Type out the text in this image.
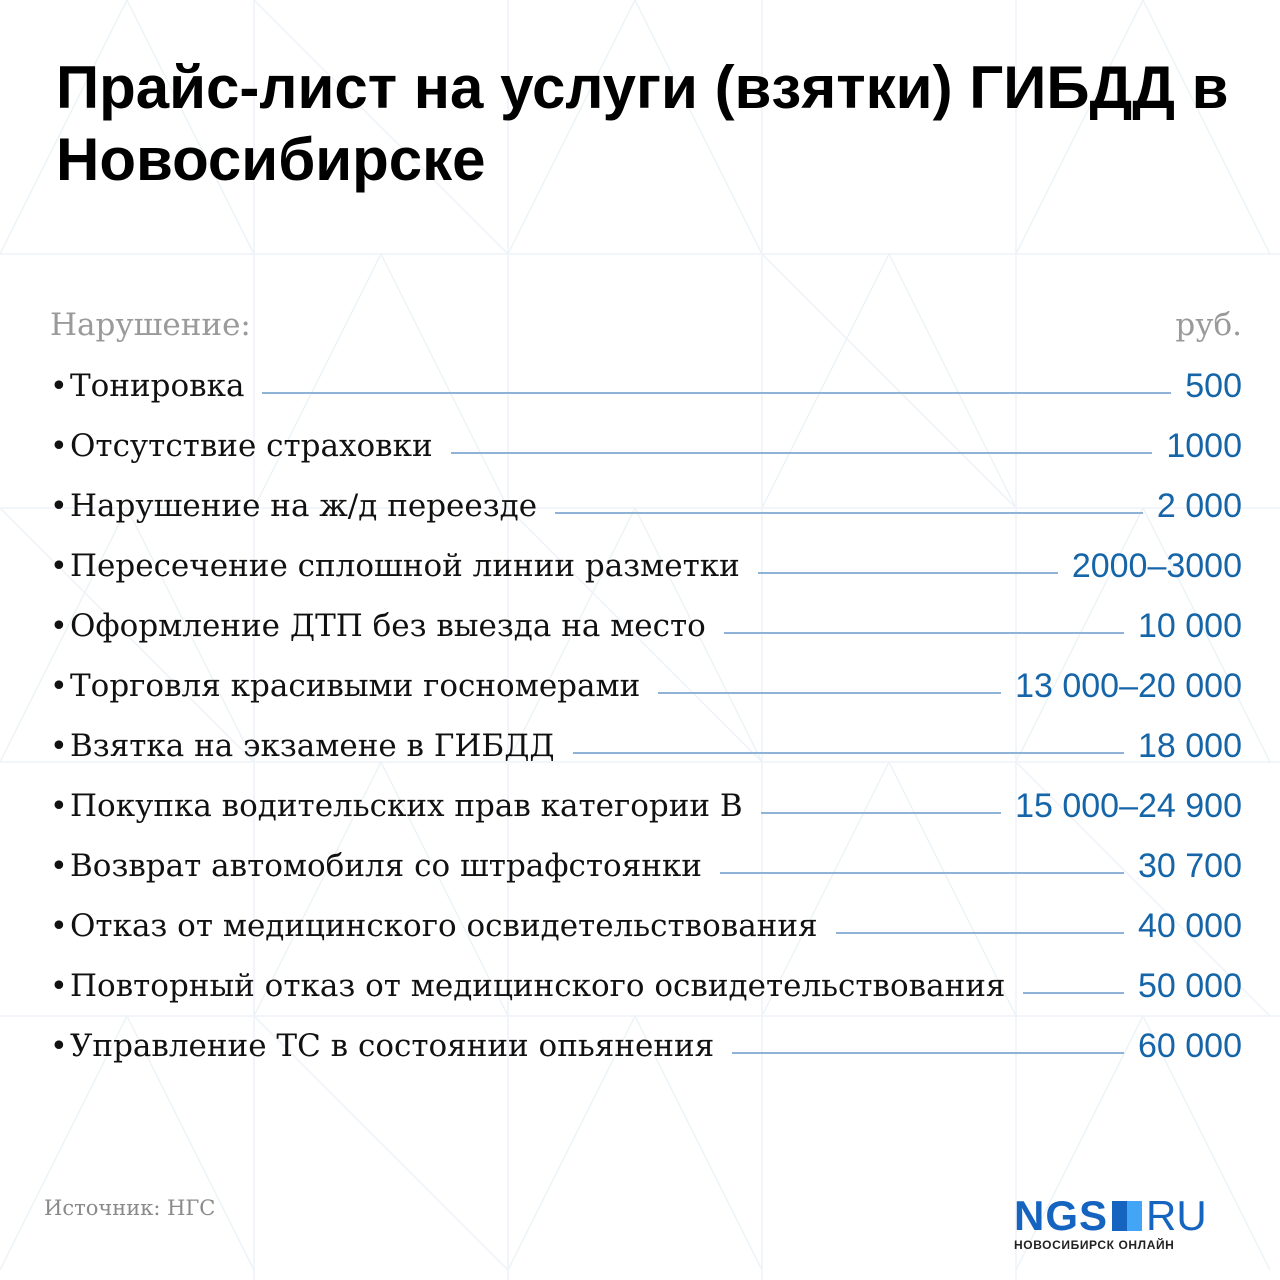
Прайс-лист на услуги (взятки) ГИБДД в Новосибирске
Нарушение:	руб.
• Тонировка	500
• Отсутствие страховки	1000
• Нарушение на ж/д переезде	2 000
• Пересечение сплошной линии разметки	2000–3000
• Оформление ДТП без выезда на место	10 000
• Торговля красивыми госномерами	13 000–20 000
• Взятка на экзамене в ГИБДД	18 000
• Покупка водительских прав категории В	15 000–24 900
• Возврат автомобиля со штрафстоянки	30 700
• Отказ от медицинского освидетельствования	40 000
• Повторный отказ от медицинского освидетельствования	50 000
• Управление ТС в состоянии опьянения	60 000
Источник: НГС	NGS RU
НОВОСИБИРСК ОНЛАЙН
